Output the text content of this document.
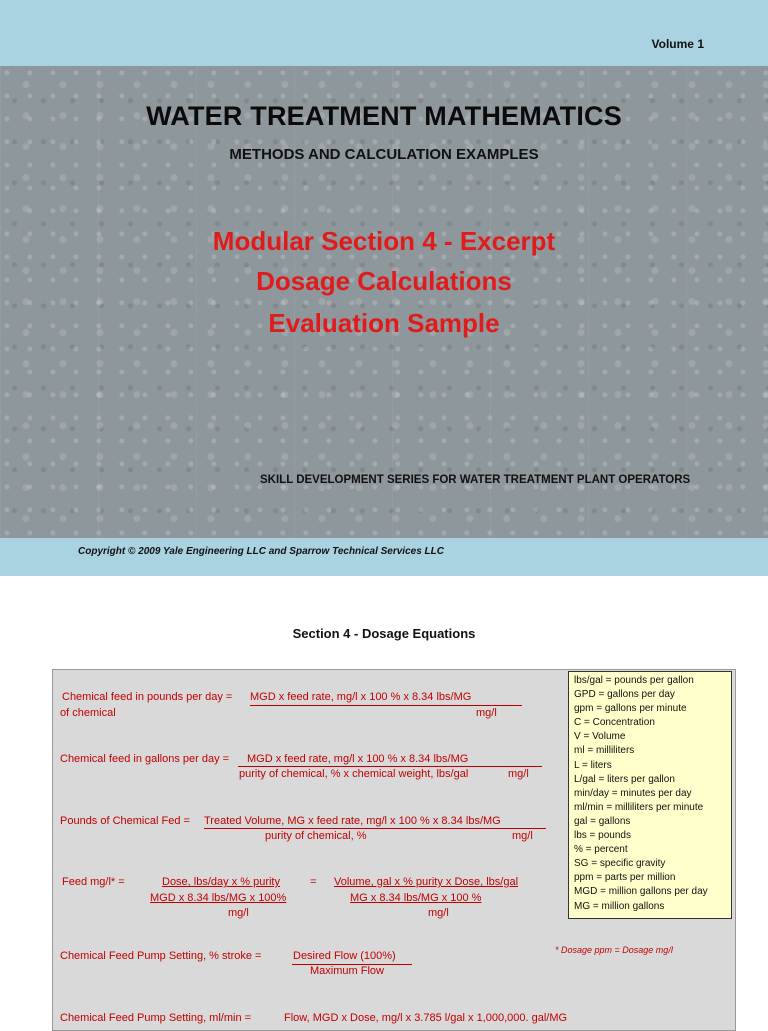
Volume 1
WATER TREATMENT MATHEMATICS
METHODS AND CALCULATION EXAMPLES
Modular Section 4 - Excerpt
Dosage Calculations
Evaluation Sample
SKILL DEVELOPMENT SERIES FOR WATER TREATMENT PLANT OPERATORS
Copyright © 2009 Yale Engineering LLC and Sparrow Technical Services LLC
Section 4 - Dosage Equations
lbs/gal = pounds per gallon
GPD = gallons per day
gpm = gallons per minute
C = Concentration
V = Volume
ml = milliliters
L = liters
L/gal = liters per gallon
min/day = minutes per day
ml/min = milliliters per minute
gal = gallons
lbs = pounds
% = percent
SG = specific gravity
ppm = parts per million
MGD = million gallons per day
MG = million gallons
Chemical feed in pounds per day = MGD x feed rate, mg/l x 100 % x 8.34 lbs/MG
of chemical	mg/l
Chemical feed in gallons per day = MGD x feed rate, mg/l x 100 % x 8.34 lbs/MG
purity of chemical, % x chemical weight, lbs/gal	mg/l
Pounds of Chemical Fed = Treated Volume, MG x feed rate, mg/l x 100 % x 8.34 lbs/MG
purity of chemical, %	mg/l
Feed mg/l* =	Dose, lbs/day x % purity	= Volume, gal x % purity x Dose, lbs/gal
MGD x 8.34 lbs/MG x 100%	MG x 8.34 lbs/MG x 100 %
mg/l	mg/l
* Dosage ppm = Dosage mg/l
Chemical Feed Pump Setting, % stroke =	Desired Flow (100%)
Maximum Flow
Chemical Feed Pump Setting, ml/min =	Flow, MGD x Dose, mg/l x 3.785 l/gal x 1,000,000. gal/MG
